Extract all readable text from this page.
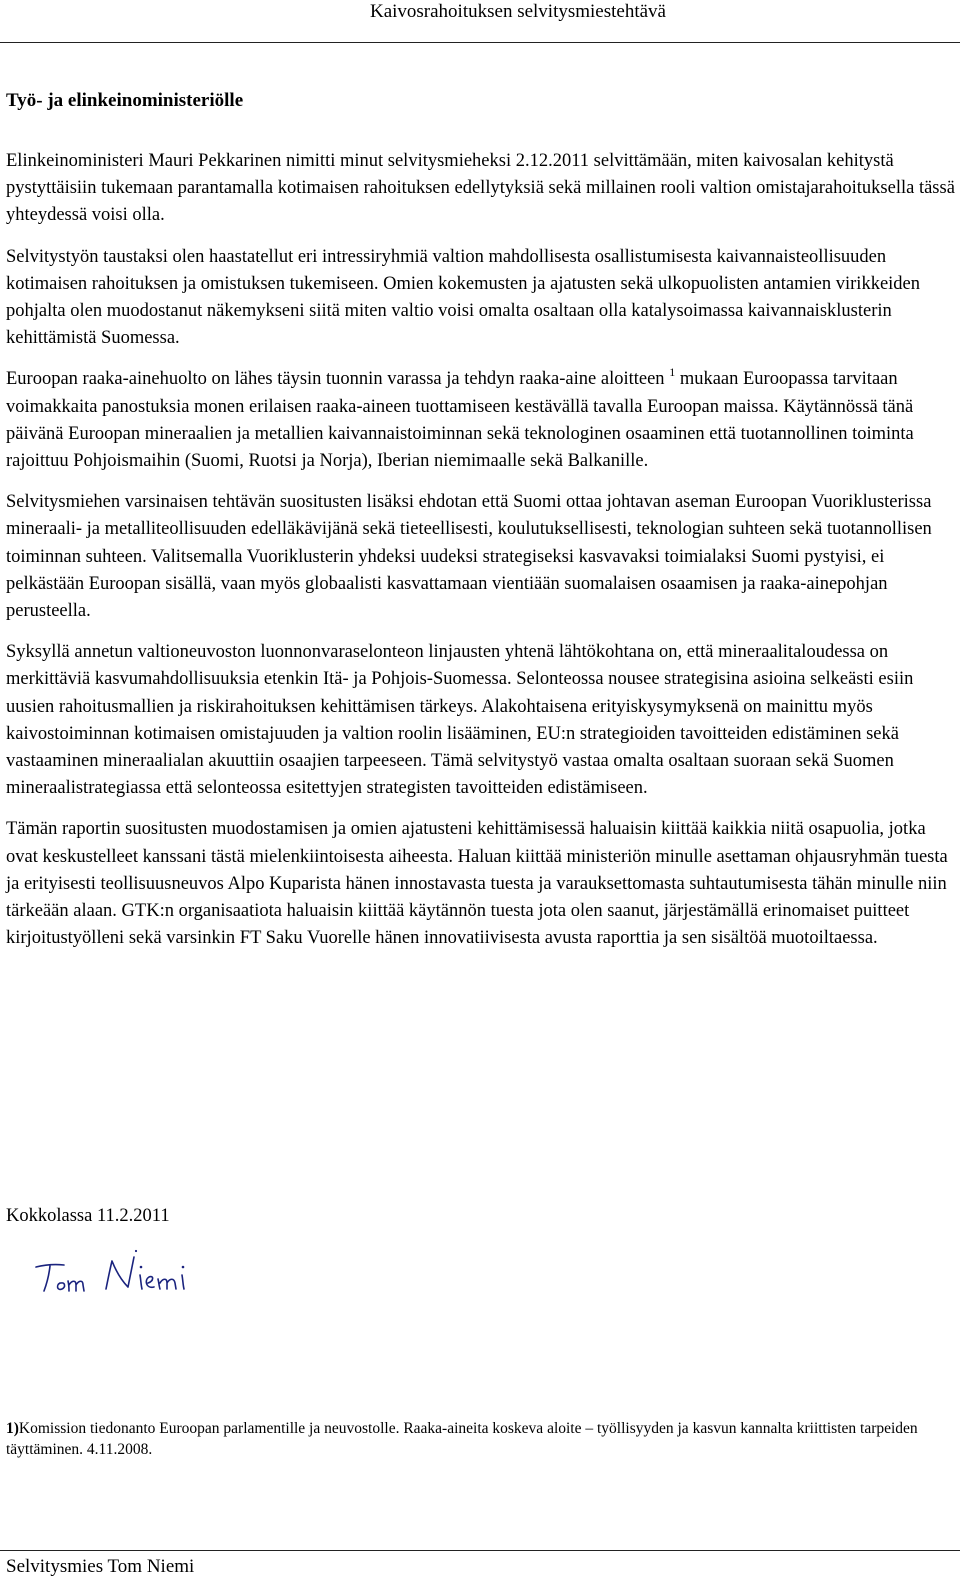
Kaivosrahoituksen selvitysmiestehtävä
Työ- ja elinkeinoministeriölle

Elinkeinoministeri Mauri Pekkarinen nimitti minut selvitysmieheksi 2.12.2011 selvittämään, miten kaivosalan kehitystä pystyttäisiin tukemaan parantamalla kotimaisen rahoituksen edellytyksiä sekä millainen rooli valtion omistajarahoituksella tässä yhteydessä voisi olla.

Selvitystyön taustaksi olen haastatellut eri intressiryhmiä valtion mahdollisesta osallistumisesta kaivannaisteollisuuden kotimaisen rahoituksen ja omistuksen tukemiseen. Omien kokemusten ja ajatusten sekä ulkopuolisten antamien virikkeiden pohjalta olen muodostanut näkemykseni siitä miten valtio voisi omalta osaltaan olla katalysoimassa kaivannaisklusterin kehittämistä Suomessa.

Euroopan raaka-ainehuolto on lähes täysin tuonnin varassa ja tehdyn raaka-aine aloitteen $^1$ mukaan Euroopassa tarvitaan voimakkaita panostuksia monen erilaisen raaka-aineen tuottamiseen kestävällä tavalla Euroopan maissa. Käytännössä tänä päivänä Euroopan mineraalien ja metallien kaivannaistoiminnan sekä teknologinen osaaminen että tuotannollinen toiminta rajoittuu Pohjoismaihin (Suomi, Ruotsi ja Norja), Iberian niemimaalle sekä Balkanille.

Selvitysmiehen varsinaisen tehtävän suositusten lisäksi ehdotan että Suomi ottaa johtavan aseman Euroopan Vuoriklusterissa mineraali- ja metalliteollisuuden edelläkävijänä sekä tieteellisesti, koulutuksellisesti, teknologian suhteen sekä tuotannollisen toiminnan suhteen. Valitsemalla Vuoriklusterin yhdeksi uudeksi strategiseksi kasvavaksi toimialaksi Suomi pystyisi, ei pelkästään Euroopan sisällä, vaan myös globaalisti kasvattamaan vientiään suomalaisen osaamisen ja raaka-ainepohjan perusteella.

Syksyllä annetun valtioneuvoston luonnonvaraselonteon linjausten yhtenä lähtökohtana on, että mineraalitaloudessa on merkittäviä kasvumahdollisuuksia etenkin Itä- ja Pohjois-Suomessa. Selonteossa nousee strategisina asioina selkeästi esiin uusien rahoitusmallien ja riskirahoituksen kehittämisen tärkeys. Alakohtaisena erityiskysymyksenä on mainittu myös kaivostoiminnan kotimaisen omistajuuden ja valtion roolin lisääminen, EU:n strategioiden tavoitteiden edistäminen sekä vastaaminen mineraalialan akuuttiin osaajien tarpeeseen. Tämä selvitystyö vastaa omalta osaltaan suoraan sekä Suomen mineraalistrategiassa että selonteossa esitettyjen strategisten tavoitteiden edistämiseen.

Tämän raportin suositusten muodostamisen ja omien ajatusteni kehittämisessä haluaisin kiittää kaikkia niitä osapuolia, jotka ovat keskustelleet kanssani tästä mielenkiintoisesta aiheesta. Haluan kiittää ministeriön minulle asettaman ohjausryhmän tuesta ja erityisesti teollisuusneuvos Alpo Kuparista hänen innostavasta tuesta ja varauksettomasta suhtautumisesta tähän minulle niin tärkeään alaan. GTK:n organisaatiota haluaisin kiittää käytännön tuesta jota olen saanut, järjestämällä erinomaiset puitteet kirjoitustyölleni sekä varsinkin FT Saku Vuorelle hänen innovatiivisesta avusta raporttia ja sen sisältöä muotoiltaessa.

Kokkolassa 11.2.2011
1)Komission tiedonanto Euroopan parlamentille ja neuvostolle. Raaka-aineita koskeva aloite – työllisyyden ja kasvun kannalta kriittisten tarpeiden täyttäminen. 4.11.2008.
Selvitysmies Tom Niemi
